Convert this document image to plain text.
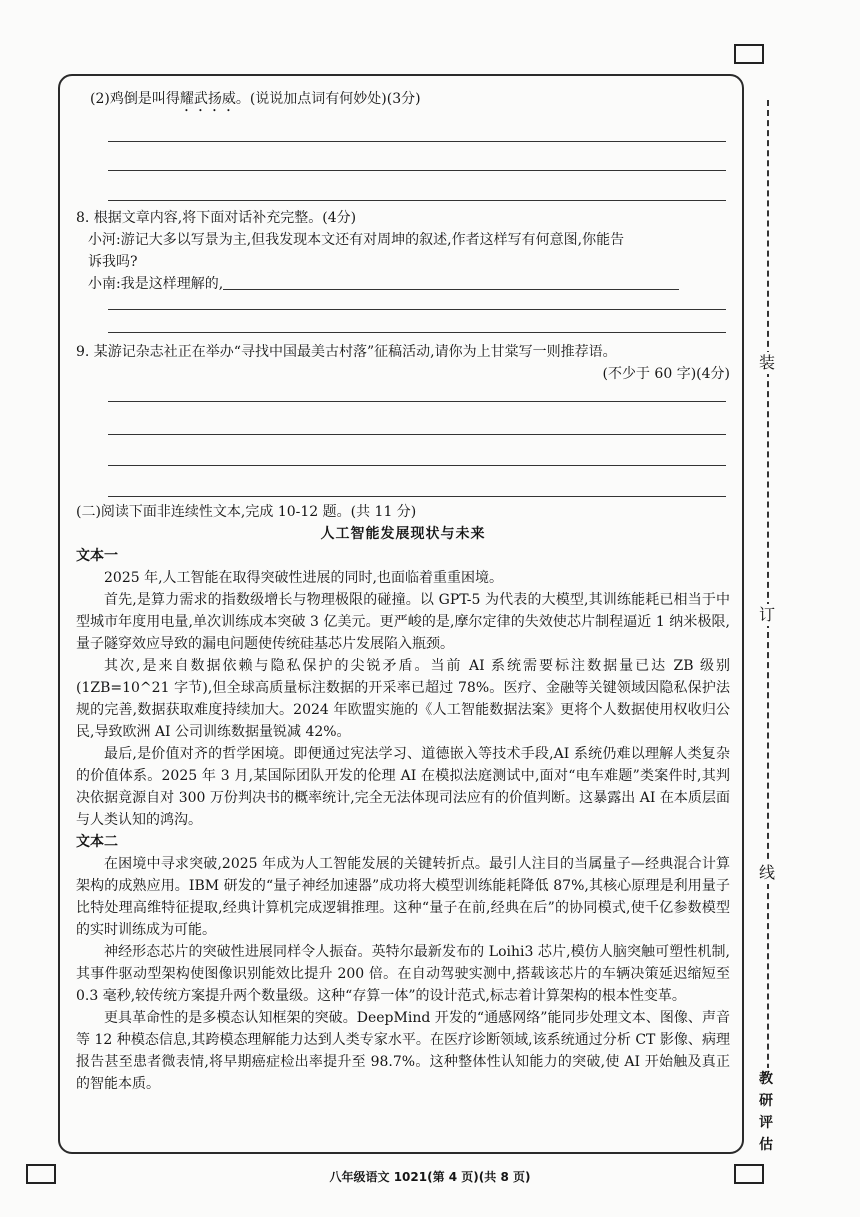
装
订
线
教研评估
(2)鸡倒是叫得耀武扬威。(说说加点词有何妙处)(3分)
8. 根据文章内容,将下面对话补充完整。(4分)
小河:游记大多以写景为主,但我发现本文还有对周坤的叙述,作者这样写有何意图,你能告
诉我吗?
小南:我是这样理解的,
9. 某游记杂志社正在举办“寻找中国最美古村落”征稿活动,请你为上甘棠写一则推荐语。
(不少于 60 字)(4分)
(二)阅读下面非连续性文本,完成 10-12 题。(共 11 分)
人工智能发展现状与未来
文本一

2025 年,人工智能在取得突破性进展的同时,也面临着重重困境。

首先,是算力需求的指数级增长与物理极限的碰撞。以 GPT-5 为代表的大模型,其训练能耗已相当于中型城市年度用电量,单次训练成本突破 3 亿美元。更严峻的是,摩尔定律的失效使芯片制程逼近 1 纳米极限,量子隧穿效应导致的漏电问题使传统硅基芯片发展陷入瓶颈。

其次,是来自数据依赖与隐私保护的尖锐矛盾。当前 AI 系统需要标注数据量已达 ZB 级别(1ZB=10^21 字节),但全球高质量标注数据的开采率已超过 78%。医疗、金融等关键领域因隐私保护法规的完善,数据获取难度持续加大。2024 年欧盟实施的《人工智能数据法案》更将个人数据使用权收归公民,导致欧洲 AI 公司训练数据量锐减 42%。

最后,是价值对齐的哲学困境。即便通过宪法学习、道德嵌入等技术手段,AI 系统仍难以理解人类复杂的价值体系。2025 年 3 月,某国际团队开发的伦理 AI 在模拟法庭测试中,面对“电车难题”类案件时,其判决依据竟源自对 300 万份判决书的概率统计,完全无法体现司法应有的价值判断。这暴露出 AI 在本质层面与人类认知的鸿沟。

文本二

在困境中寻求突破,2025 年成为人工智能发展的关键转折点。最引人注目的当属量子—经典混合计算架构的成熟应用。IBM 研发的“量子神经加速器”成功将大模型训练能耗降低 87%,其核心原理是利用量子比特处理高维特征提取,经典计算机完成逻辑推理。这种“量子在前,经典在后”的协同模式,使千亿参数模型的实时训练成为可能。

神经形态芯片的突破性进展同样令人振奋。英特尔最新发布的 Loihi3 芯片,模仿人脑突触可塑性机制,其事件驱动型架构使图像识别能效比提升 200 倍。在自动驾驶实测中,搭载该芯片的车辆决策延迟缩短至 0.3 毫秒,较传统方案提升两个数量级。这种“存算一体”的设计范式,标志着计算架构的根本性变革。

更具革命性的是多模态认知框架的突破。DeepMind 开发的“通感网络”能同步处理文本、图像、声音等 12 种模态信息,其跨模态理解能力达到人类专家水平。在医疗诊断领域,该系统通过分析 CT 影像、病理报告甚至患者微表情,将早期癌症检出率提升至 98.7%。这种整体性认知能力的突破,使 AI 开始触及真正的智能本质。

八年级语文 1021(第 4 页)(共 8 页)
